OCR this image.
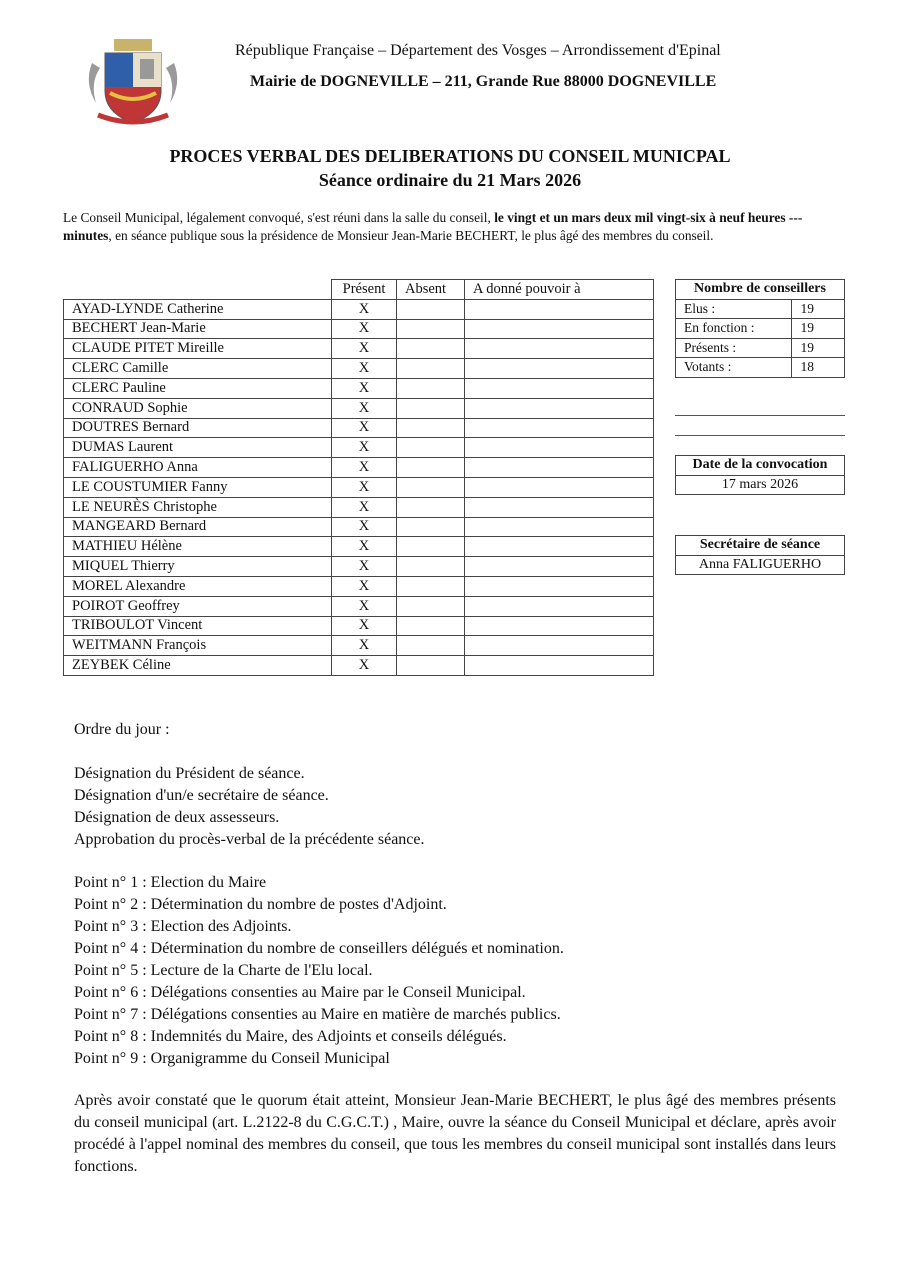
République Française – Département des Vosges – Arrondissement d'Epinal
Mairie de DOGNEVILLE – 211, Grande Rue 88000 DOGNEVILLE
PROCES VERBAL DES DELIBERATIONS DU CONSEIL MUNICPAL
Séance ordinaire du 21 Mars 2026
Le Conseil Municipal, légalement convoqué, s'est réuni dans la salle du conseil, le vingt et un mars deux mil vingt-six à neuf heures --- minutes, en séance publique sous la présidence de Monsieur Jean-Marie BECHERT, le plus âgé des membres du conseil.
	Présent	Absent	A donné pouvoir à
AYAD-LYNDE Catherine	X		
BECHERT Jean-Marie	X		
CLAUDE PITET Mireille	X		
CLERC Camille	X		
CLERC Pauline	X		
CONRAUD Sophie	X		
DOUTRES Bernard	X		
DUMAS Laurent	X		
FALIGUERHO Anna	X		
LE COUSTUMIER Fanny	X		
LE NEURÈS Christophe	X		
MANGEARD Bernard	X		
MATHIEU Hélène	X		
MIQUEL Thierry	X		
MOREL Alexandre	X		
POIROT Geoffrey	X		
TRIBOULOT Vincent	X		
WEITMANN François	X		
ZEYBEK Céline	X		
Nombre de conseillers	
Elus :	19
En fonction :	19
Présents :	19
Votants :	18
Date de la convocation
17 mars 2026
Secrétaire de séance
Anna FALIGUERHO
Ordre du jour :
Désignation du Président de séance.
Désignation d'un/e secrétaire de séance.
Désignation de deux assesseurs.
Approbation du procès-verbal de la précédente séance.
Point n° 1 : Election du Maire
Point n° 2 : Détermination du nombre de postes d'Adjoint.
Point n° 3 : Election des Adjoints.
Point n° 4 : Détermination du nombre de conseillers délégués et nomination.
Point n° 5 : Lecture de la Charte de l'Elu local.
Point n° 6 : Délégations consenties au Maire par le Conseil Municipal.
Point n° 7 : Délégations consenties au Maire en matière de marchés publics.
Point n° 8 : Indemnités du Maire, des Adjoints et conseils délégués.
Point n° 9 : Organigramme du Conseil Municipal
Après avoir constaté que le quorum était atteint, Monsieur Jean-Marie BECHERT, le plus âgé des membres présents du conseil municipal (art. L.2122-8 du C.G.C.T.) , Maire, ouvre la séance du Conseil Municipal et déclare, après avoir procédé à l'appel nominal des membres du conseil, que tous les membres du conseil municipal sont installés dans leurs fonctions.
